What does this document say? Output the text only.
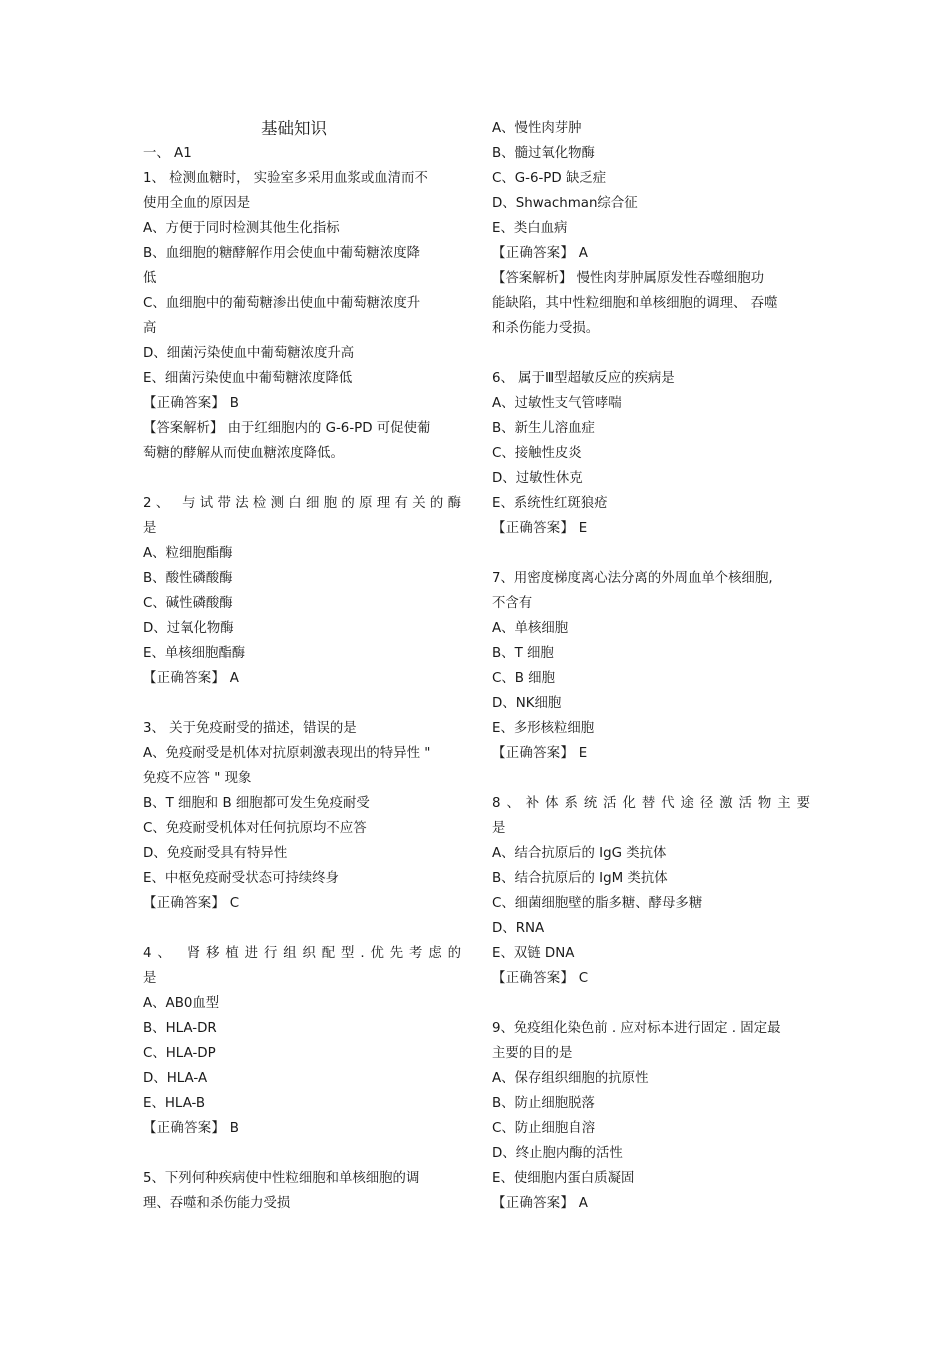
基础知识
一、 A1
1、 检测血糖时， 实验室多采用血浆或血清而不
使用全血的原因是
A、方便于同时检测其他生化指标
B、血细胞的糖酵解作用会使血中葡萄糖浓度降
低
C、血细胞中的葡萄糖渗出使血中葡萄糖浓度升
高
D、细菌污染使血中葡萄糖浓度升高
E、细菌污染使血中葡萄糖浓度降低
【正确答案】 B
【答案解析】 由于红细胞内的 G-6-PD 可促使葡
萄糖的酵解从而使血糖浓度降低。
2、 与试带法检测白细胞的原理有关的酶
是
A、粒细胞酯酶
B、酸性磷酸酶
C、碱性磷酸酶
D、过氧化物酶
E、单核细胞酯酶
【正确答案】 A
3、 关于免疫耐受的描述，错误的是
A、免疫耐受是机体对抗原刺激表现出的特异性 "
免疫不应答 " 现象
B、T 细胞和 B 细胞都可发生免疫耐受
C、免疫耐受机体对任何抗原均不应答
D、免疫耐受具有特异性
E、中枢免疫耐受状态可持续终身
【正确答案】 C
4、 肾移植进行组织配型.优先考虑的
是
A、AB0血型
B、HLA-DR
C、HLA-DP
D、HLA-A
E、HLA-B
【正确答案】 B
5、下列何种疾病使中性粒细胞和单核细胞的调
理、吞噬和杀伤能力受损
A、慢性肉芽肿
B、髓过氧化物酶
C、G-6-PD 缺乏症
D、Shwachman综合征
E、类白血病
【正确答案】 A
【答案解析】 慢性肉芽肿属原发性吞噬细胞功
能缺陷，其中性粒细胞和单核细胞的调理、 吞噬
和杀伤能力受损。
6、 属于Ⅲ型超敏反应的疾病是
A、过敏性支气管哮喘
B、新生儿溶血症
C、接触性皮炎
D、过敏性休克
E、系统性红斑狼疮
【正确答案】 E
7、用密度梯度离心法分离的外周血单个核细胞,
不含有
A、单核细胞
B、T 细胞
C、B 细胞
D、NK细胞
E、多形核粒细胞
【正确答案】 E
8、补体系统活化替代途径激活物主要
是
A、结合抗原后的 IgG 类抗体
B、结合抗原后的 IgM 类抗体
C、细菌细胞壁的脂多糖、酵母多糖
D、RNA
E、双链 DNA
【正确答案】 C
9、免疫组化染色前 . 应对标本进行固定 . 固定最
主要的目的是
A、保存组织细胞的抗原性
B、防止细胞脱落
C、防止细胞自溶
D、终止胞内酶的活性
E、使细胞内蛋白质凝固
【正确答案】 A
